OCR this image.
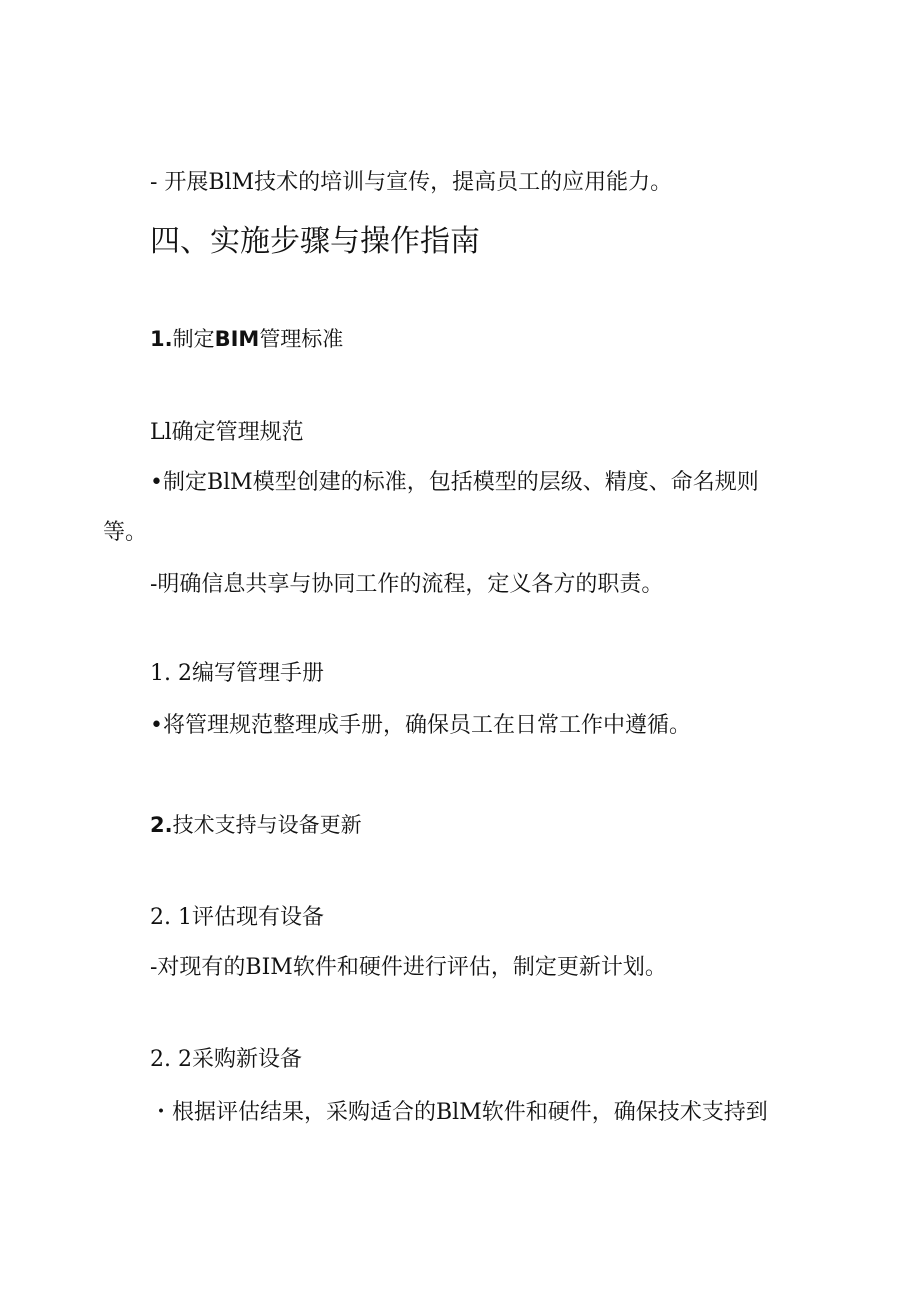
- 开展BlM技术的培训与宣传，提高员工的应用能力。
四、实施步骤与操作指南
1.制定BIM管理标准
Ll确定管理规范
•制定BlM模型创建的标准，包括模型的层级、精度、命名规则
等。
-明确信息共享与协同工作的流程，定义各方的职责。
1. 2编写管理手册
•将管理规范整理成手册，确保员工在日常工作中遵循。
2.技术支持与设备更新
2. 1评估现有设备
-对现有的BIM软件和硬件进行评估，制定更新计划。
2. 2采购新设备
・根据评估结果，采购适合的BlM软件和硬件，确保技术支持到
